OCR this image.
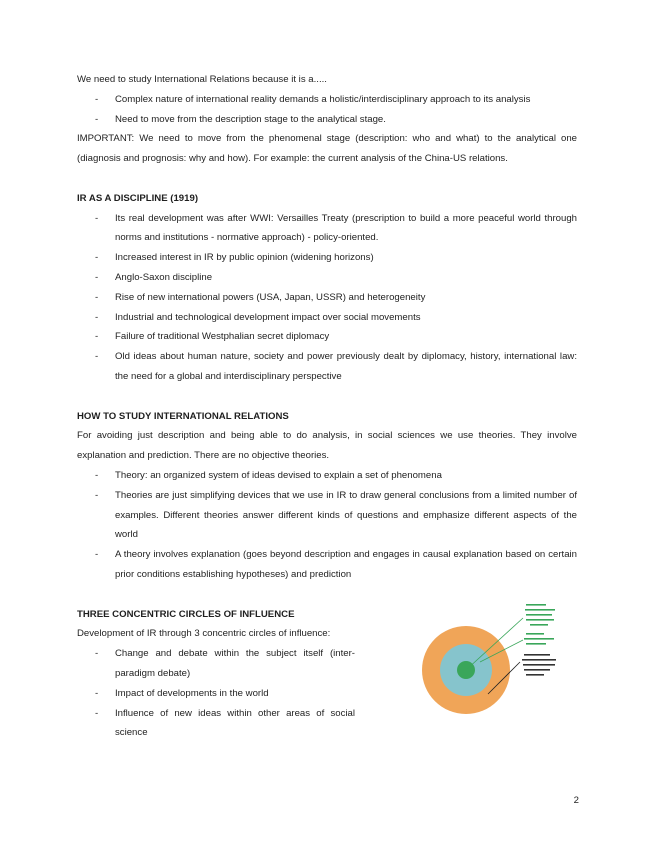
We need to study International Relations because it is a.....

- Complex nature of international reality demands a holistic/interdisciplinary approach to its analysis
- Need to move from the description stage to the analytical stage.

IMPORTANT: We need to move from the phenomenal stage (description: who and what) to the analytical one (diagnosis and prognosis: why and how). For example: the current analysis of the China-US relations.

IR AS A DISCIPLINE (1919)

- Its real development was after WWI: Versailles Treaty (prescription to build a more peaceful world through norms and institutions - normative approach) - policy-oriented.
- Increased interest in IR by public opinion (widening horizons)
- Anglo-Saxon discipline
- Rise of new international powers (USA, Japan, USSR) and heterogeneity
- Industrial and technological development impact over social movements
- Failure of traditional Westphalian secret diplomacy
- Old ideas about human nature, society and power previously dealt by diplomacy, history, international law: the need for a global and interdisciplinary perspective

HOW TO STUDY INTERNATIONAL RELATIONS

For avoiding just description and being able to do analysis, in social sciences we use theories. They involve explanation and prediction. There are no objective theories.

- Theory: an organized system of ideas devised to explain a set of phenomena
- Theories are just simplifying devices that we use in IR to draw general conclusions from a limited number of examples. Different theories answer different kinds of questions and emphasize different aspects of the world
- A theory involves explanation (goes beyond description and engages in causal explanation based on certain prior conditions establishing hypotheses) and prediction

THREE CONCENTRIC CIRCLES OF INFLUENCE

Development of IR through 3 concentric circles of influence:

- Change and debate within the subject itself (inter-paradigm debate)
- Impact of developments in the world
- Influence of new ideas within other areas of social science
2
